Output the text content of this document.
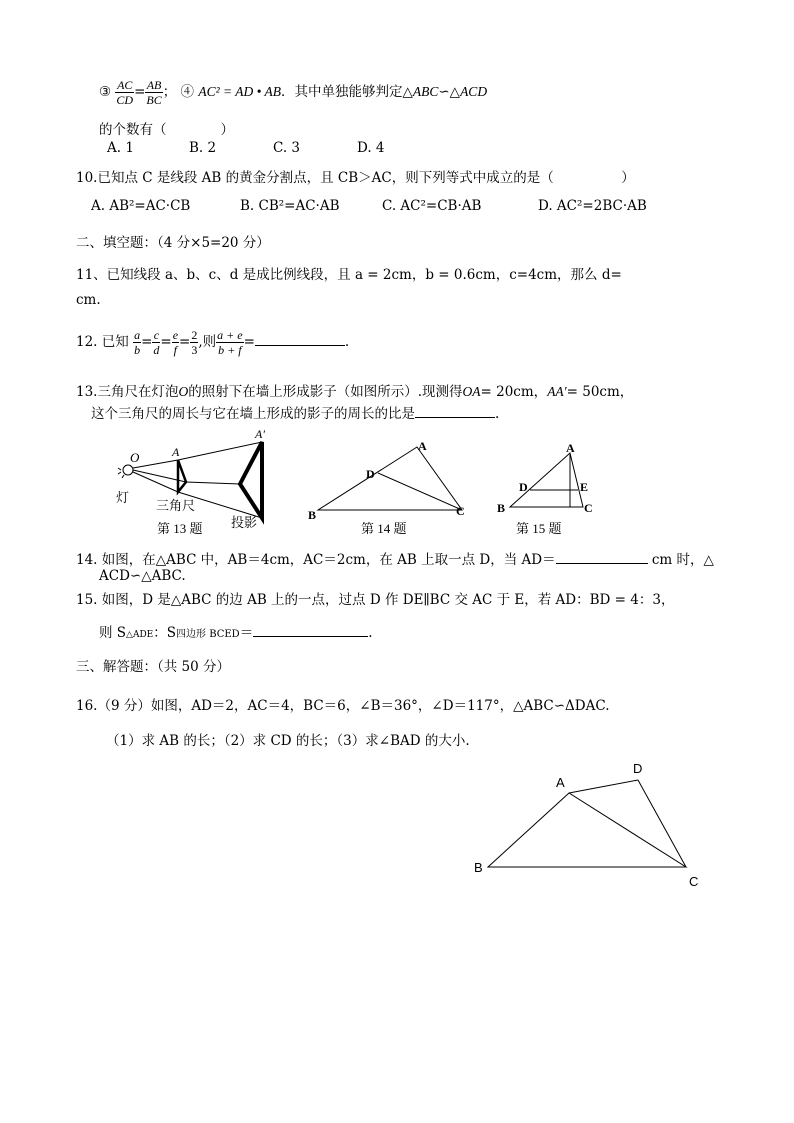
③ $\frac{AC}{CD} = \frac{AB}{BC}$ ； ④ AC² = AD • AB．其中单独能够判定△ABC∽△ACD
的个数有（　　　　）
A. 1	B. 2	C. 3	D. 4
10.已知点 C 是线段 AB 的黄金分割点，且 CB＞AC，则下列等式中成立的是（　　　　　）
A. AB²=AC·CB	B. CB²=AC·AB	C. AC²=CB·AB	D. AC²=2BC·AB
二、填空题：（4 分×5=20 分）
11、已知线段 a、b、c、d 是成比例线段，且 a = 2cm，b = 0.6cm，c=4cm，那么 d=
cm.
12. 已知 $\frac{a}{b} = \frac{c}{d} = \frac{e}{f} = \frac{2}{3}$ ,则 $\frac{a + e}{b + f}$ =	.
13.三角尺在灯泡O的照射下在墙上形成影子（如图所示）.现测得OA= 20cm，AA′= 50cm，
这个三角尺的周长与它在墙上形成的影子的周长的比是	.
O	A
A′
灯
三角尺
投影
第 13 题
A
B	C
D
第 14 题
A
B	C
D	E
第 15 题
14. 如图，在△ABC 中，AB＝4cm，AC＝2cm，在 AB 上取一点 D，当 AD＝	cm 时，△
ACD∽△ABC.
15. 如图，D 是△ABC 的边 AB 上的一点，过点 D 作 DE∥BC 交 AC 于 E，若 AD：BD = 4：3，
则 S△ADE：S四边形 BCED＝	.
三、解答题：（共 50 分）
16.（9 分）如图，AD＝2，AC＝4，BC＝6，∠B＝36°，∠D＝117°，△ABC∽ΔDAC.
（1）求 AB 的长；（2）求 CD 的长；（3）求∠BAD 的大小.
A
B
C
D
